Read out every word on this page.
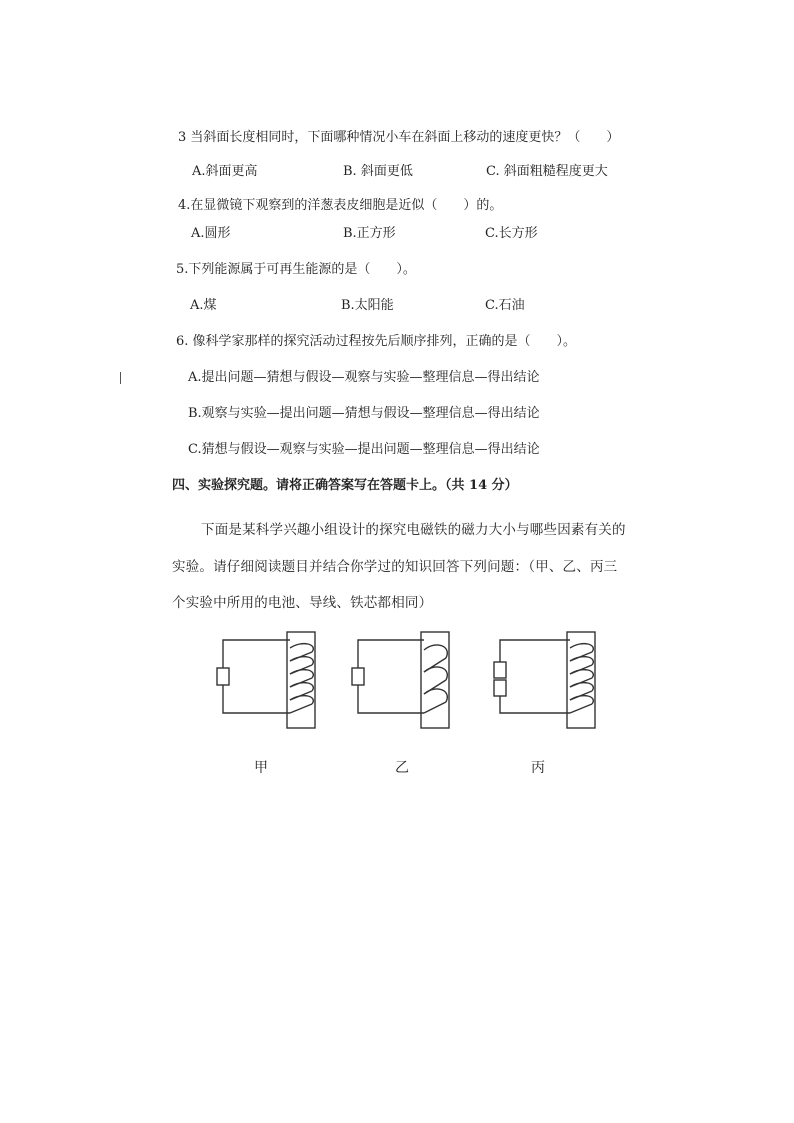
3 当斜面长度相同时，下面哪种情况小车在斜面上移动的速度更快？（　　）
A.斜面更高	B. 斜面更低	C. 斜面粗糙程度更大
4.在显微镜下观察到的洋葱表皮细胞是近似（　　）的。
A.圆形	B.正方形	C.长方形
5.下列能源属于可再生能源的是（　　）。
A.煤	B.太阳能	C.石油
6. 像科学家那样的探究活动过程按先后顺序排列，正确的是（　　）。
A.提出问题—猜想与假设—观察与实验—整理信息—得出结论
B.观察与实验—提出问题—猜想与假设—整理信息—得出结论
C.猜想与假设—观察与实验—提出问题—整理信息—得出结论
四、实验探究题。请将正确答案写在答题卡上。（共 14 分）
下面是某科学兴趣小组设计的探究电磁铁的磁力大小与哪些因素有关的
实验。请仔细阅读题目并结合你学过的知识回答下列问题：（甲、乙、丙三
个实验中所用的电池、导线、铁芯都相同）
甲	乙	丙
